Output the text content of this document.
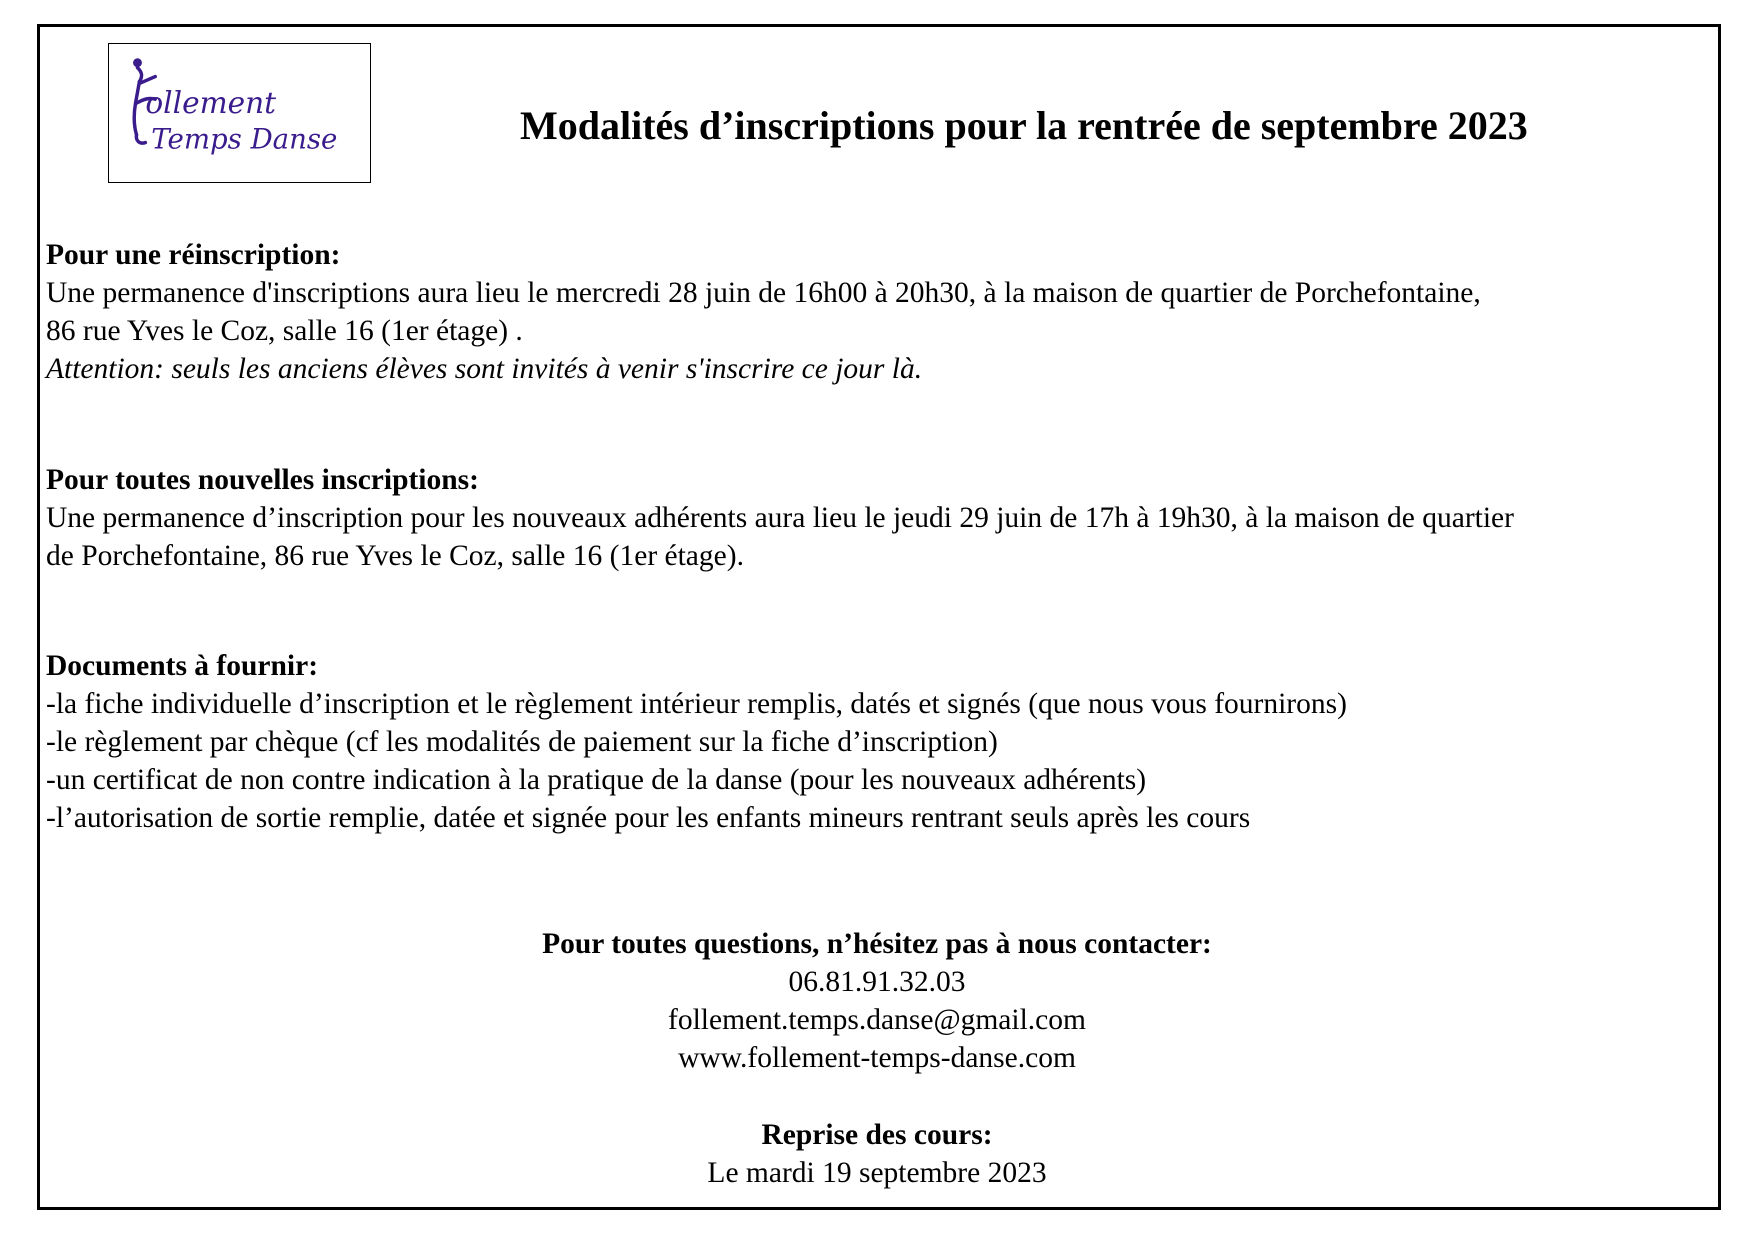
ollement
Temps Danse	Modalités d’inscriptions pour la rentrée de septembre 2023

Pour une réinscription:

Une permanence d'inscriptions aura lieu le mercredi 28 juin de 16h00 à 20h30, à la maison de quartier de Porchefontaine,

86 rue Yves le Coz, salle 16 (1er étage) .

Attention: seuls les anciens élèves sont invités à venir s'inscrire ce jour là.

Pour toutes nouvelles inscriptions:

Une permanence d’inscription pour les nouveaux adhérents aura lieu le jeudi 29 juin de 17h à 19h30, à la maison de quartier

de Porchefontaine, 86 rue Yves le Coz, salle 16 (1er étage).

Documents à fournir:

-la fiche individuelle d’inscription et le règlement intérieur remplis, datés et signés (que nous vous fournirons)

-le règlement par chèque (cf les modalités de paiement sur la fiche d’inscription)

-un certificat de non contre indication à la pratique de la danse (pour les nouveaux adhérents)

-l’autorisation de sortie remplie, datée et signée pour les enfants mineurs rentrant seuls après les cours

Pour toutes questions, n’hésitez pas à nous contacter:

06.81.91.32.03

follement.temps.danse@gmail.com

www.follement-temps-danse.com

Reprise des cours:

Le mardi 19 septembre 2023
